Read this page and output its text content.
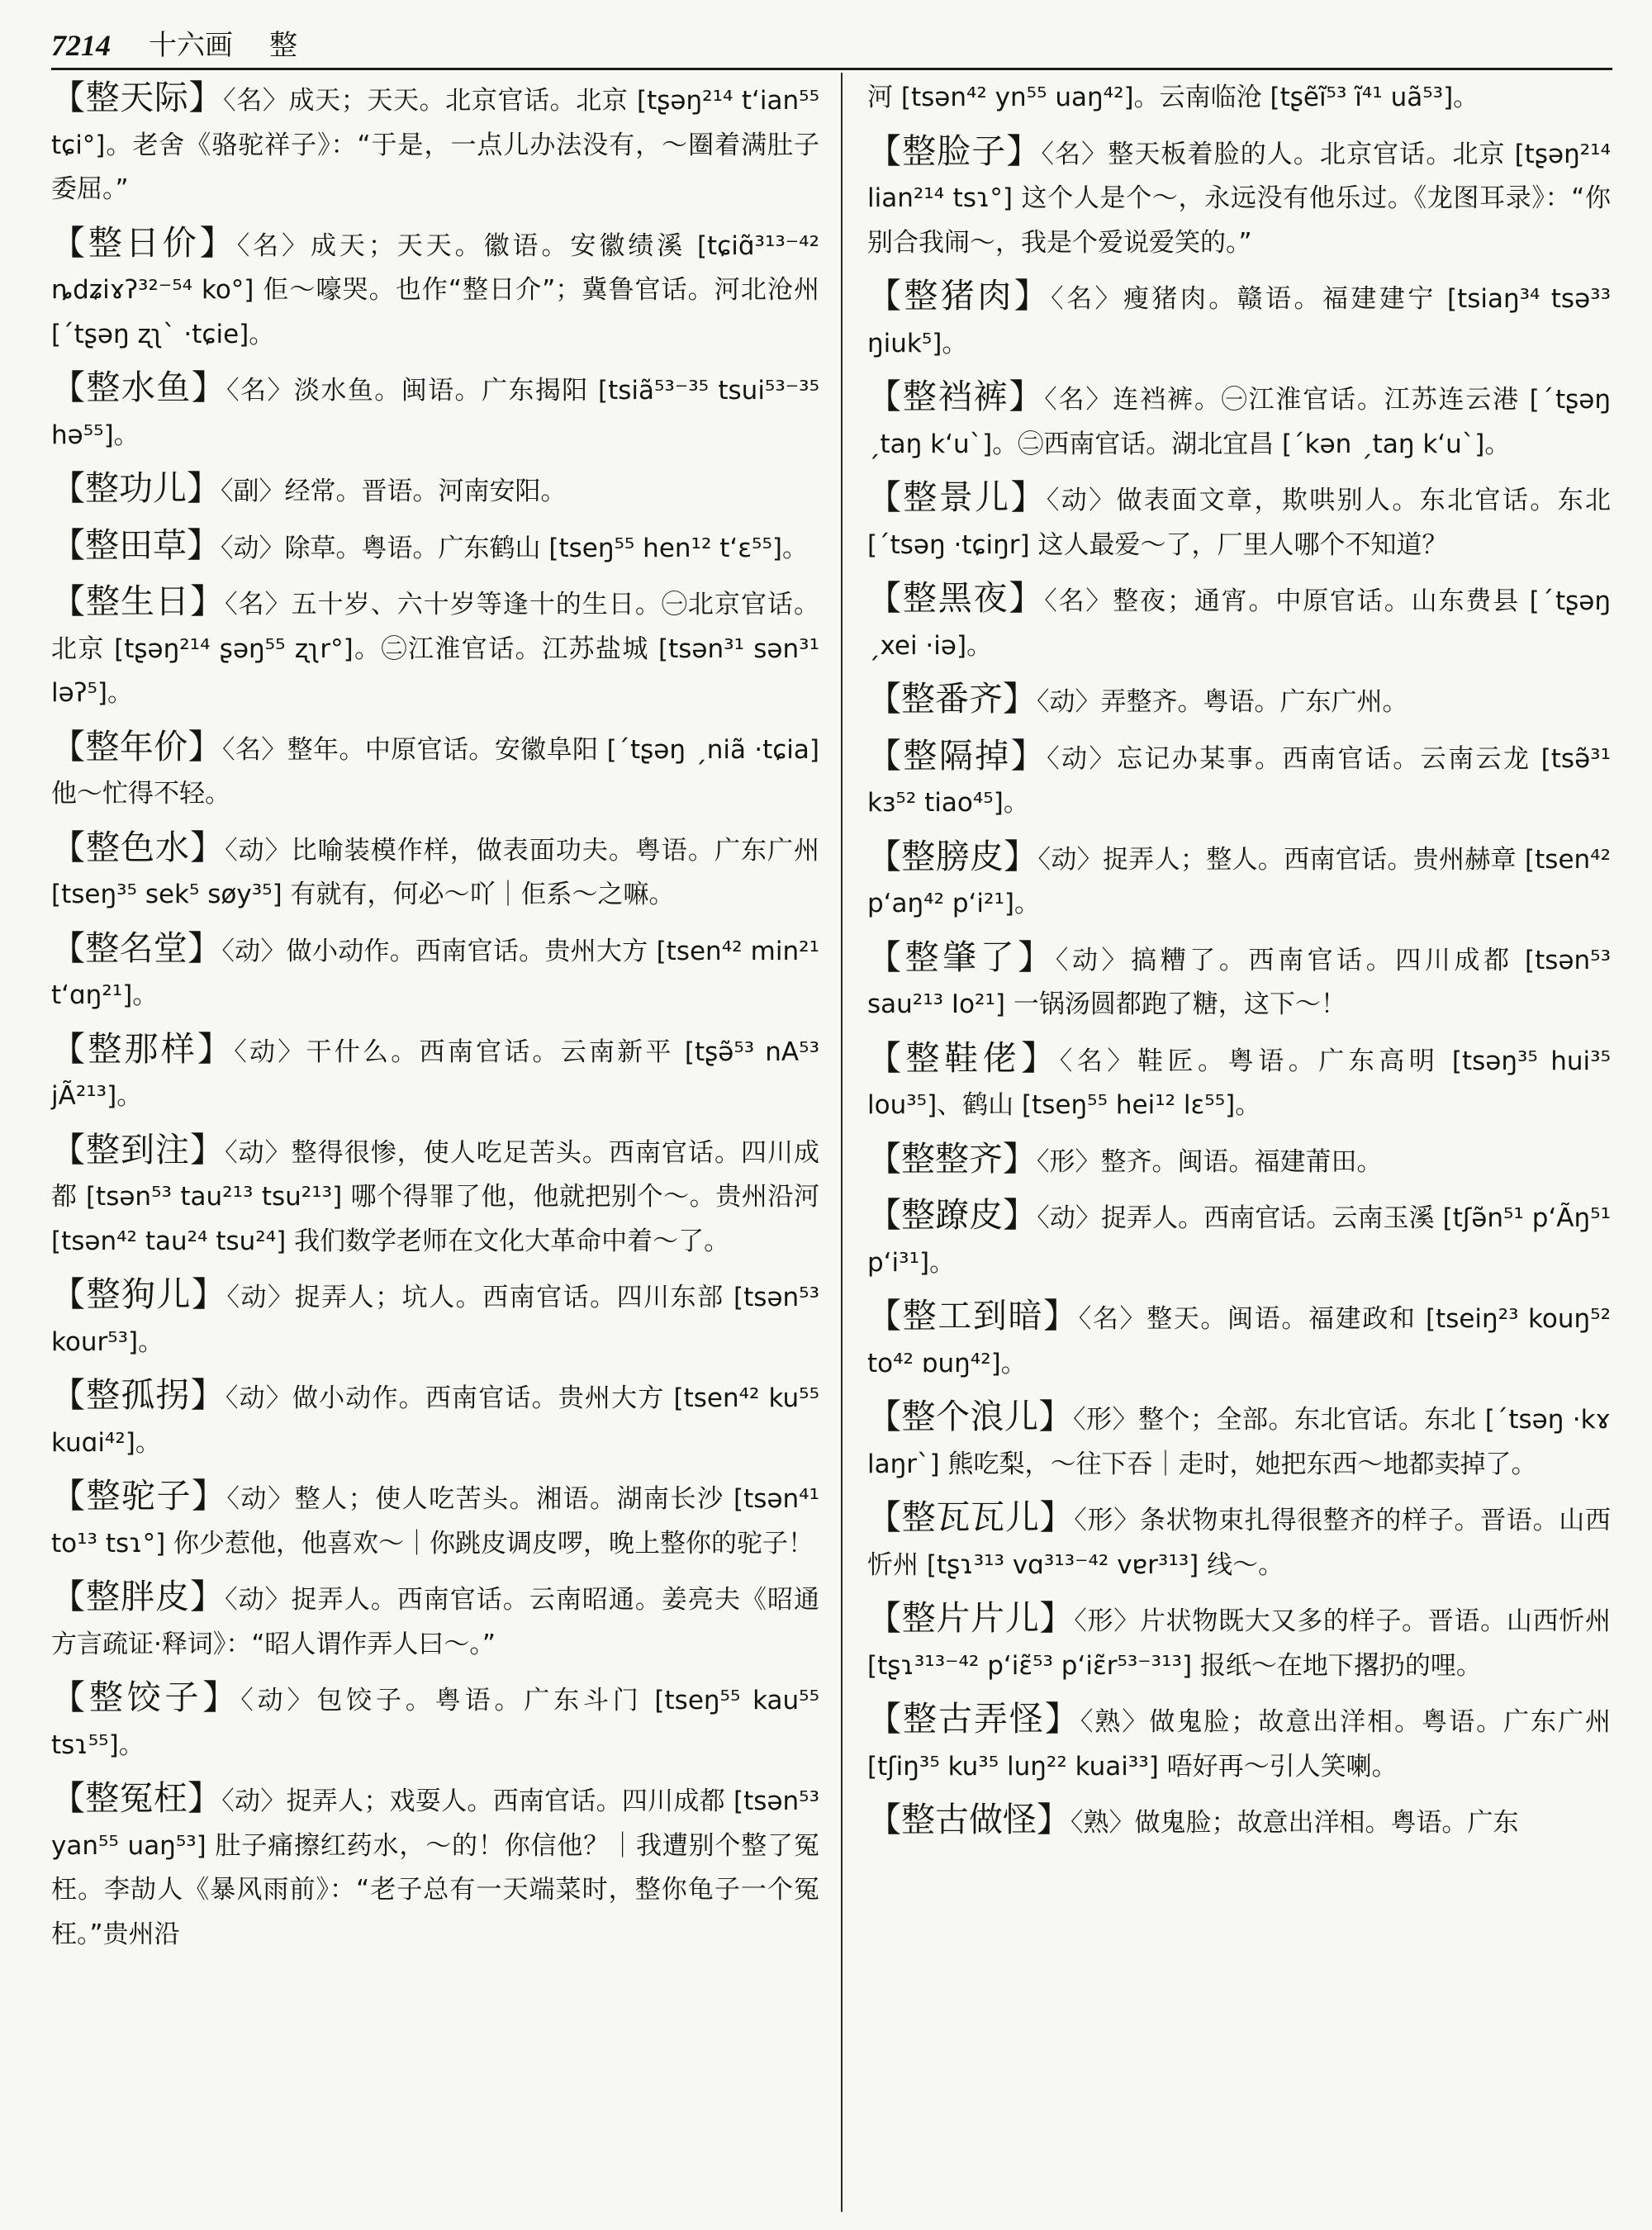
7214 十六画 整

【整天际】〈名〉成天；天天。北京官话。北京 [tʂəŋ²¹⁴ tʻian⁵⁵ tɕi°]。老舍《骆驼祥子》：“于是，一点儿办法没有，～圈着满肚子委屈。”

【整日价】〈名〉成天；天天。徽语。安徽绩溪 [tɕiɑ̃³¹³⁻⁴² ȵdʑiɤʔ³²⁻⁵⁴ ko°] 佢～嚎哭。也作“整日介”；冀鲁官话。河北沧州 [ˊtʂəŋ ʐʅˋ ·tɕie]。

【整水鱼】〈名〉淡水鱼。闽语。广东揭阳 [tsiã⁵³⁻³⁵ tsui⁵³⁻³⁵ hə⁵⁵]。

【整功儿】〈副〉经常。晋语。河南安阳。

【整田草】〈动〉除草。粤语。广东鹤山 [tseŋ⁵⁵ hen¹² tʻɛ⁵⁵]。

【整生日】〈名〉五十岁、六十岁等逢十的生日。㊀北京官话。北京 [tʂəŋ²¹⁴ ʂəŋ⁵⁵ ʐʅr°]。㊁江淮官话。江苏盐城 [tsən³¹ sən³¹ ləʔ⁵]。

【整年价】〈名〉整年。中原官话。安徽阜阳 [ˊtʂəŋ ˏniã ·tɕia] 他～忙得不轻。

【整色水】〈动〉比喻装模作样，做表面功夫。粤语。广东广州 [tseŋ³⁵ sek⁵ søy³⁵] 有就有，何必～吖｜佢系～之嘛。

【整名堂】〈动〉做小动作。西南官话。贵州大方 [tsen⁴² min²¹ tʻɑŋ²¹]。

【整那样】〈动〉干什么。西南官话。云南新平 [tʂə̃⁵³ nA⁵³ jÃ²¹³]。

【整到注】〈动〉整得很惨，使人吃足苦头。西南官话。四川成都 [tsən⁵³ tau²¹³ tsu²¹³] 哪个得罪了他，他就把别个～。贵州沿河 [tsən⁴² tau²⁴ tsu²⁴] 我们数学老师在文化大革命中着～了。

【整狗儿】〈动〉捉弄人；坑人。西南官话。四川东部 [tsən⁵³ kour⁵³]。

【整孤拐】〈动〉做小动作。西南官话。贵州大方 [tsen⁴² ku⁵⁵ kuɑi⁴²]。

【整驼子】〈动〉整人；使人吃苦头。湘语。湖南长沙 [tsən⁴¹ to¹³ tsɿ°] 你少惹他，他喜欢～｜你跳皮调皮啰，晚上整你的驼子！

【整胖皮】〈动〉捉弄人。西南官话。云南昭通。姜亮夫《昭通方言疏证·释词》：“昭人谓作弄人曰～。”

【整饺子】〈动〉包饺子。粤语。广东斗门 [tseŋ⁵⁵ kau⁵⁵ tsɿ⁵⁵]。

【整冤枉】〈动〉捉弄人；戏耍人。西南官话。四川成都 [tsən⁵³ yan⁵⁵ uaŋ⁵³] 肚子痛擦红药水，～的！你信他？｜我遭别个整了冤枉。李劼人《暴风雨前》：“老子总有一天端菜时，整你龟子一个冤枉。”贵州沿

河 [tsən⁴² yn⁵⁵ uaŋ⁴²]。云南临沧 [tʂẽĩ⁵³ ĩ⁴¹ uã⁵³]。

【整脸子】〈名〉整天板着脸的人。北京官话。北京 [tʂəŋ²¹⁴ lian²¹⁴ tsɿ°] 这个人是个～，永远没有他乐过。《龙图耳录》：“你别合我闹～，我是个爱说爱笑的。”

【整猪肉】〈名〉瘦猪肉。赣语。福建建宁 [tsiaŋ³⁴ tsə³³ ŋiuk⁵]。

【整裆裤】〈名〉连裆裤。㊀江淮官话。江苏连云港 [ˊtʂəŋ ˏtaŋ kʻuˋ]。㊁西南官话。湖北宜昌 [ˊkən ˏtaŋ kʻuˋ]。

【整景儿】〈动〉做表面文章，欺哄别人。东北官话。东北 [ˊtsəŋ ·tɕiŋr] 这人最爱～了，厂里人哪个不知道？

【整黑夜】〈名〉整夜；通宵。中原官话。山东费县 [ˊtʂəŋ ˏxei ·iə]。

【整番齐】〈动〉弄整齐。粤语。广东广州。

【整隔掉】〈动〉忘记办某事。西南官话。云南云龙 [tsə̃³¹ kɜ⁵² tiao⁴⁵]。

【整膀皮】〈动〉捉弄人；整人。西南官话。贵州赫章 [tsen⁴² pʻaŋ⁴² pʻi²¹]。

【整肇了】〈动〉搞糟了。西南官话。四川成都 [tsən⁵³ sau²¹³ Io²¹] 一锅汤圆都跑了糖，这下～！

【整鞋佬】〈名〉鞋匠。粤语。广东高明 [tsəŋ³⁵ hui³⁵ lou³⁵]、鹤山 [tseŋ⁵⁵ hei¹² lɛ⁵⁵]。

【整整齐】〈形〉整齐。闽语。福建莆田。

【整蹽皮】〈动〉捉弄人。西南官话。云南玉溪 [tʃə̃n⁵¹ pʻÃŋ⁵¹ pʻi³¹]。

【整工到暗】〈名〉整天。闽语。福建政和 [tseiŋ²³ kouŋ⁵² to⁴² ɒuŋ⁴²]。

【整个浪儿】〈形〉整个；全部。东北官话。东北 [ˊtsəŋ ·kɤ laŋrˋ] 熊吃梨，～往下吞｜走时，她把东西～地都卖掉了。

【整瓦瓦儿】〈形〉条状物束扎得很整齐的样子。晋语。山西忻州 [tʂɿ³¹³ vɑ³¹³⁻⁴² vɐr³¹³] 线～。

【整片片儿】〈形〉片状物既大又多的样子。晋语。山西忻州 [tʂɿ³¹³⁻⁴² pʻiɛ̃⁵³ pʻiɛ̃r⁵³⁻³¹³] 报纸～在地下撂扔的哩。

【整古弄怪】〈熟〉做鬼脸；故意出洋相。粤语。广东广州 [tʃiŋ³⁵ ku³⁵ luŋ²² kuai³³] 唔好再～引人笑喇。

【整古做怪】〈熟〉做鬼脸；故意出洋相。粤语。广东
